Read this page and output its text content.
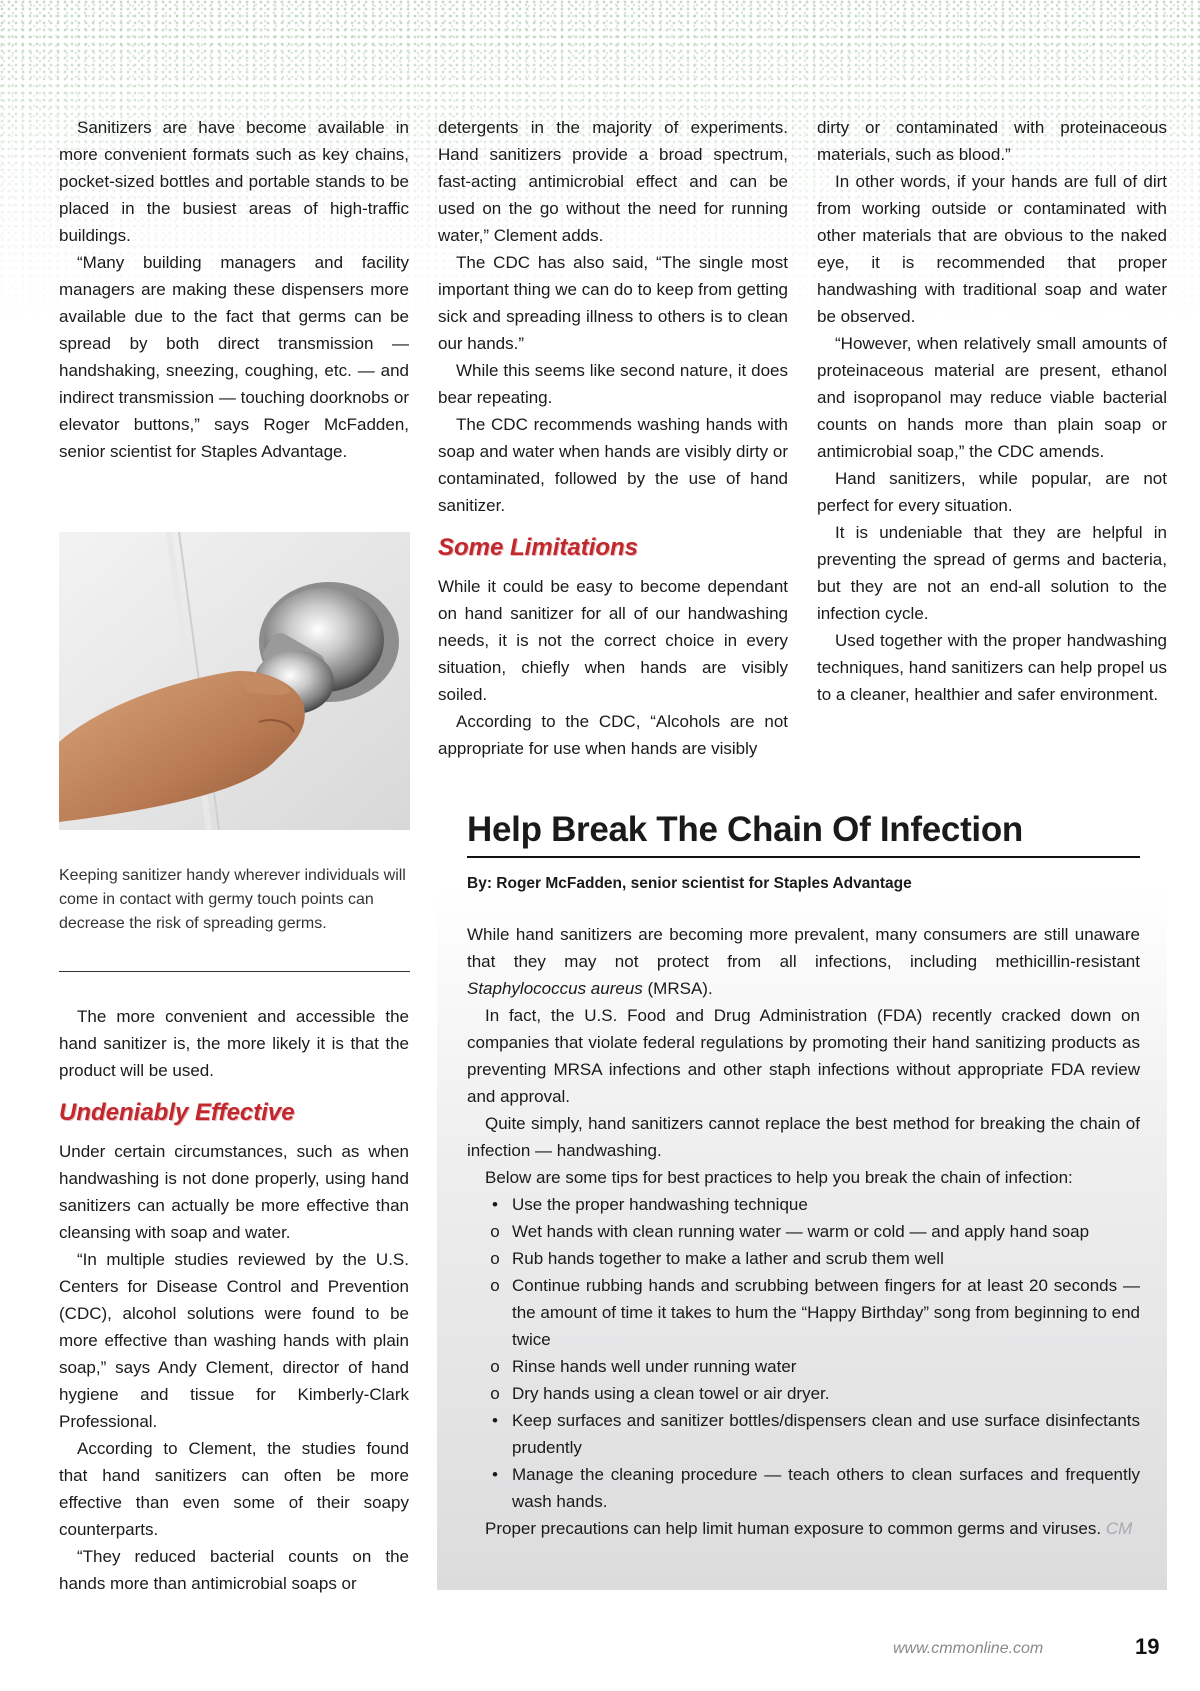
Sanitizers are have become available in more convenient formats such as key chains, pocket-sized bottles and portable stands to be placed in the busiest areas of high-traffic buildings.

“Many building managers and facility managers are making these dispensers more available due to the fact that germs can be spread by both direct transmission — handshaking, sneezing, coughing, etc. — and indirect transmission — touching doorknobs or elevator buttons,” says Roger McFadden, senior scientist for Staples Advantage.

Keeping sanitizer handy wherever individuals will come in contact with germy touch points can decrease the risk of spreading germs.

The more convenient and accessible the hand sanitizer is, the more likely it is that the product will be used.

Undeniably Effective

Under certain circumstances, such as when handwashing is not done properly, using hand sanitizers can actually be more effective than cleansing with soap and water.

“In multiple studies reviewed by the U.S. Centers for Disease Control and Prevention (CDC), alcohol solutions were found to be more effective than washing hands with plain soap,” says Andy Clement, director of hand hygiene and tissue for Kimberly-Clark Professional.

According to Clement, the studies found that hand sanitizers can often be more effective than even some of their soapy counterparts.

“They reduced bacterial counts on the hands more than antimicrobial soaps or

detergents in the majority of experiments. Hand sanitizers provide a broad spectrum, fast-acting antimicrobial effect and can be used on the go without the need for running water,” Clement adds.

The CDC has also said, “The single most important thing we can do to keep from getting sick and spreading illness to others is to clean our hands.”

While this seems like second nature, it does bear repeating.

The CDC recommends washing hands with soap and water when hands are visibly dirty or contaminated, followed by the use of hand sanitizer.

Some Limitations

While it could be easy to become dependant on hand sanitizer for all of our handwashing needs, it is not the correct choice in every situation, chiefly when hands are visibly soiled.

According to the CDC, “Alcohols are not appropriate for use when hands are visibly

dirty or contaminated with proteinaceous materials, such as blood.”

In other words, if your hands are full of dirt from working outside or contaminated with other materials that are obvious to the naked eye, it is recommended that proper handwashing with traditional soap and water be observed.

“However, when relatively small amounts of proteinaceous material are present, ethanol and isopropanol may reduce viable bacterial counts on hands more than plain soap or antimicrobial soap,” the CDC amends.

Hand sanitizers, while popular, are not perfect for every situation.

It is undeniable that they are helpful in preventing the spread of germs and bacteria, but they are not an end-all solution to the infection cycle.

Used together with the proper handwashing techniques, hand sanitizers can help propel us to a cleaner, healthier and safer environment.

Help Break The Chain Of Infection
By: Roger McFadden, senior scientist for Staples Advantage

While hand sanitizers are becoming more prevalent, many consumers are still unaware that they may not protect from all infections, including methicillin-resistant Staphylococcus aureus (MRSA).

In fact, the U.S. Food and Drug Administration (FDA) recently cracked down on companies that violate federal regulations by promoting their hand sanitizing products as preventing MRSA infections and other staph infections without appropriate FDA review and approval.

Quite simply, hand sanitizers cannot replace the best method for breaking the chain of infection — handwashing.

Below are some tips for best practices to help you break the chain of infection:

• Use the proper handwashing technique
o Wet hands with clean running water — warm or cold — and apply hand soap
o Rub hands together to make a lather and scrub them well
o Continue rubbing hands and scrubbing between fingers for at least 20 seconds — the amount of time it takes to hum the “Happy Birthday” song from beginning to end twice
o Rinse hands well under running water
o Dry hands using a clean towel or air dryer.
• Keep surfaces and sanitizer bottles/dispensers clean and use surface disinfectants prudently
• Manage the cleaning procedure — teach others to clean surfaces and frequently wash hands.

Proper precautions can help limit human exposure to common germs and viruses. CM

www.cmmonline.com	19
